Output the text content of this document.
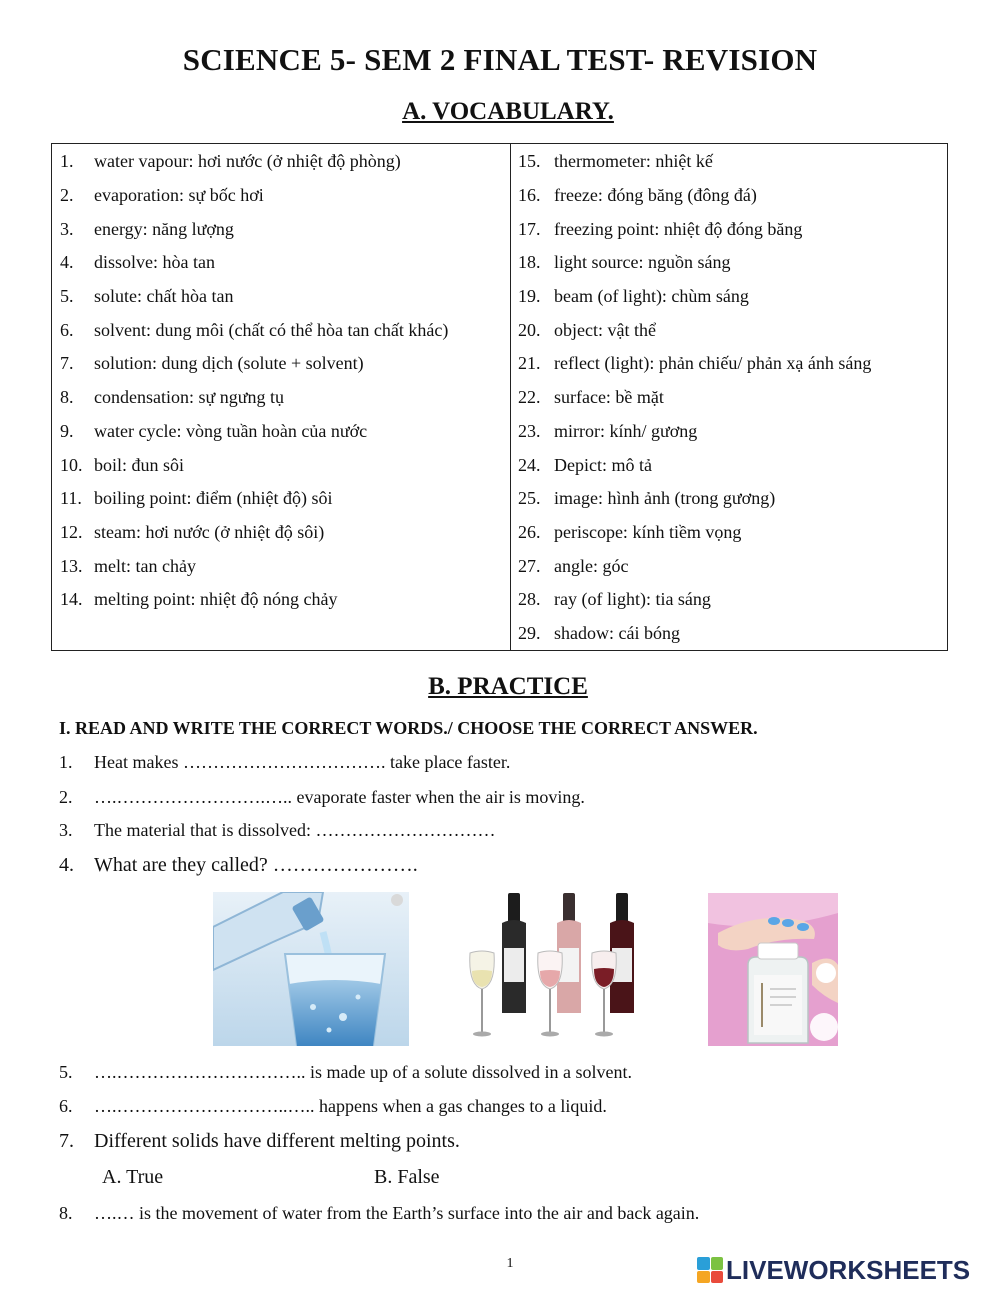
SCIENCE 5- SEM 2 FINAL TEST- REVISION
A. VOCABULARY.
1.	water vapour: hơi nước (ở nhiệt độ phòng)
2.	evaporation: sự bốc hơi
3.	energy: năng lượng
4.	dissolve: hòa tan
5.	solute: chất hòa tan
6.	solvent: dung môi (chất có thể hòa tan chất khác)
7.	solution: dung dịch (solute + solvent)
8.	condensation: sự ngưng tụ
9.	water cycle: vòng tuần hoàn của nước
10. boil: đun sôi
11. boiling point: điểm (nhiệt độ) sôi
12. steam: hơi nước (ở nhiệt độ sôi)
13. melt: tan chảy
14. melting point: nhiệt độ nóng chảy
15. thermometer: nhiệt kế
16. freeze: đóng băng (đông đá)
17. freezing point: nhiệt độ đóng băng
18. light source: nguồn sáng
19. beam (of light): chùm sáng
20. object: vật thể
21. reflect (light): phản chiếu/ phản xạ ánh sáng
22. surface: bề mặt
23. mirror: kính/ gương
24. Depict: mô tả
25. image: hình ảnh (trong gương)
26. periscope: kính tiềm vọng
27. angle: góc
28. ray (of light): tia sáng
29. shadow: cái bóng
B. PRACTICE
I. READ AND WRITE THE CORRECT WORDS./ CHOOSE THE CORRECT ANSWER.
1.	Heat makes ……………………………. take place faster.
2.	….…………………….….. evaporate faster when the air is moving.
3.	The material that is dissolved: …………………………
4.	What are they called? ………………….
5.	….………………………….. is made up of a solute dissolved in a solvent.
6.	….………………………..….. happens when a gas changes to a liquid.
7.	Different solids have different melting points.
A. True	B. False
8.	….… is the movement of water from the Earth’s surface into the air and back again.
1	LIVEWORKSHEETS
